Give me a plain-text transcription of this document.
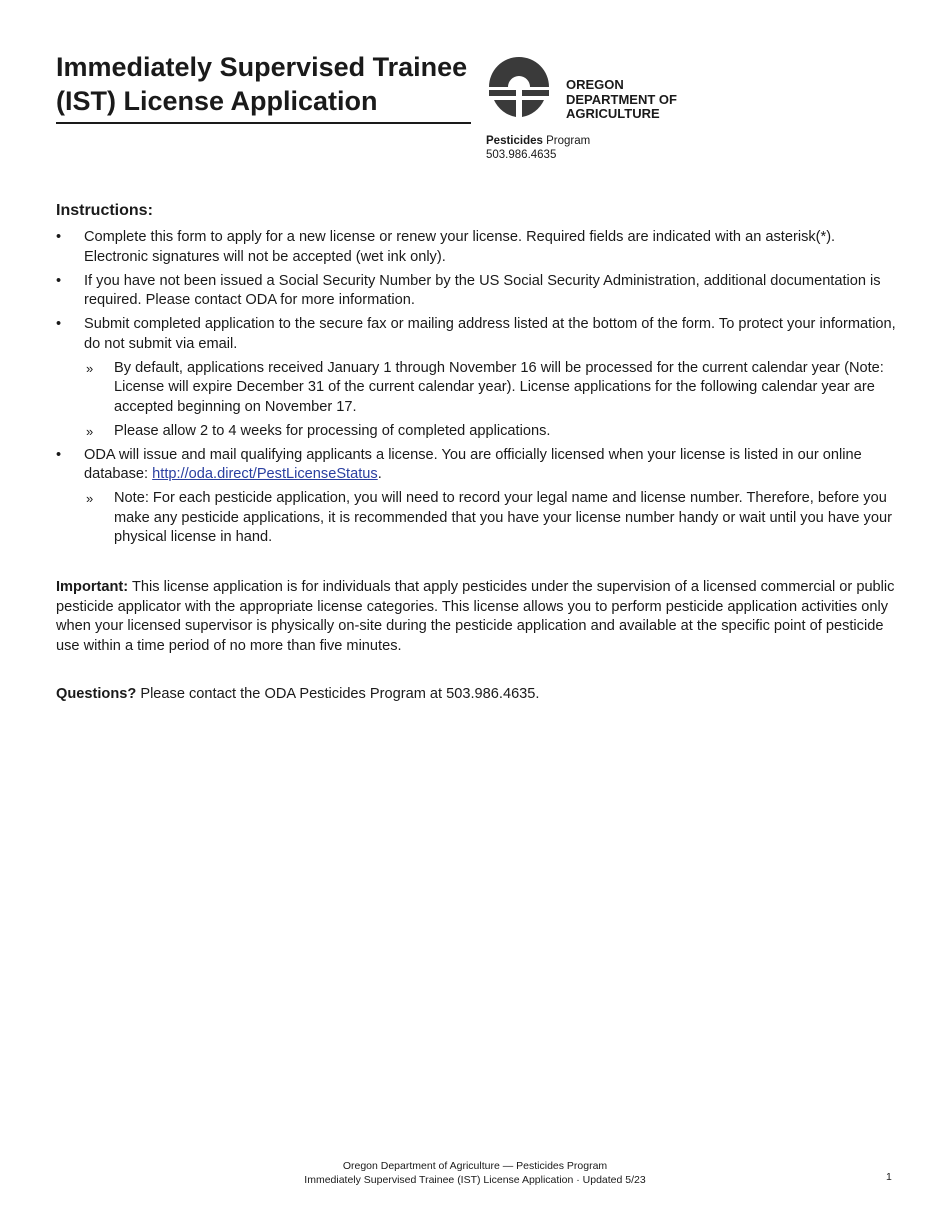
Immediately Supervised Trainee
(IST) License Application
OREGON
DEPARTMENT OF
AGRICULTURE
Pesticides Program
503.986.4635
Instructions:
• Complete this form to apply for a new license or renew your license. Required fields are indicated with an asterisk(*). Electronic signatures will not be accepted (wet ink only).
• If you have not been issued a Social Security Number by the US Social Security Administration, additional documentation is required. Please contact ODA for more information.
• Submit completed application to the secure fax or mailing address listed at the bottom of the form. To protect your information, do not submit via email.
» By default, applications received January 1 through November 16 will be processed for the current calendar year (Note: License will expire December 31 of the current calendar year). License applications for the following calendar year are accepted beginning on November 17.
» Please allow 2 to 4 weeks for processing of completed applications.
• ODA will issue and mail qualifying applicants a license. You are officially licensed when your license is listed in our online database: http://oda.direct/PestLicenseStatus.
» Note: For each pesticide application, you will need to record your legal name and license number. Therefore, before you make any pesticide applications, it is recommended that you have your license number handy or wait until you have your physical license in hand.

Important: This license application is for individuals that apply pesticides under the supervision of a licensed commercial or public pesticide applicator with the appropriate license categories. This license allows you to perform pesticide application activities only when your licensed supervisor is physically on-site during the pesticide application and available at the specific point of pesticide use within a time period of no more than five minutes.

Questions? Please contact the ODA Pesticides Program at 503.986.4635.

Oregon Department of Agriculture — Pesticides Program
Immediately Supervised Trainee (IST) License Application · Updated 5/23	1
